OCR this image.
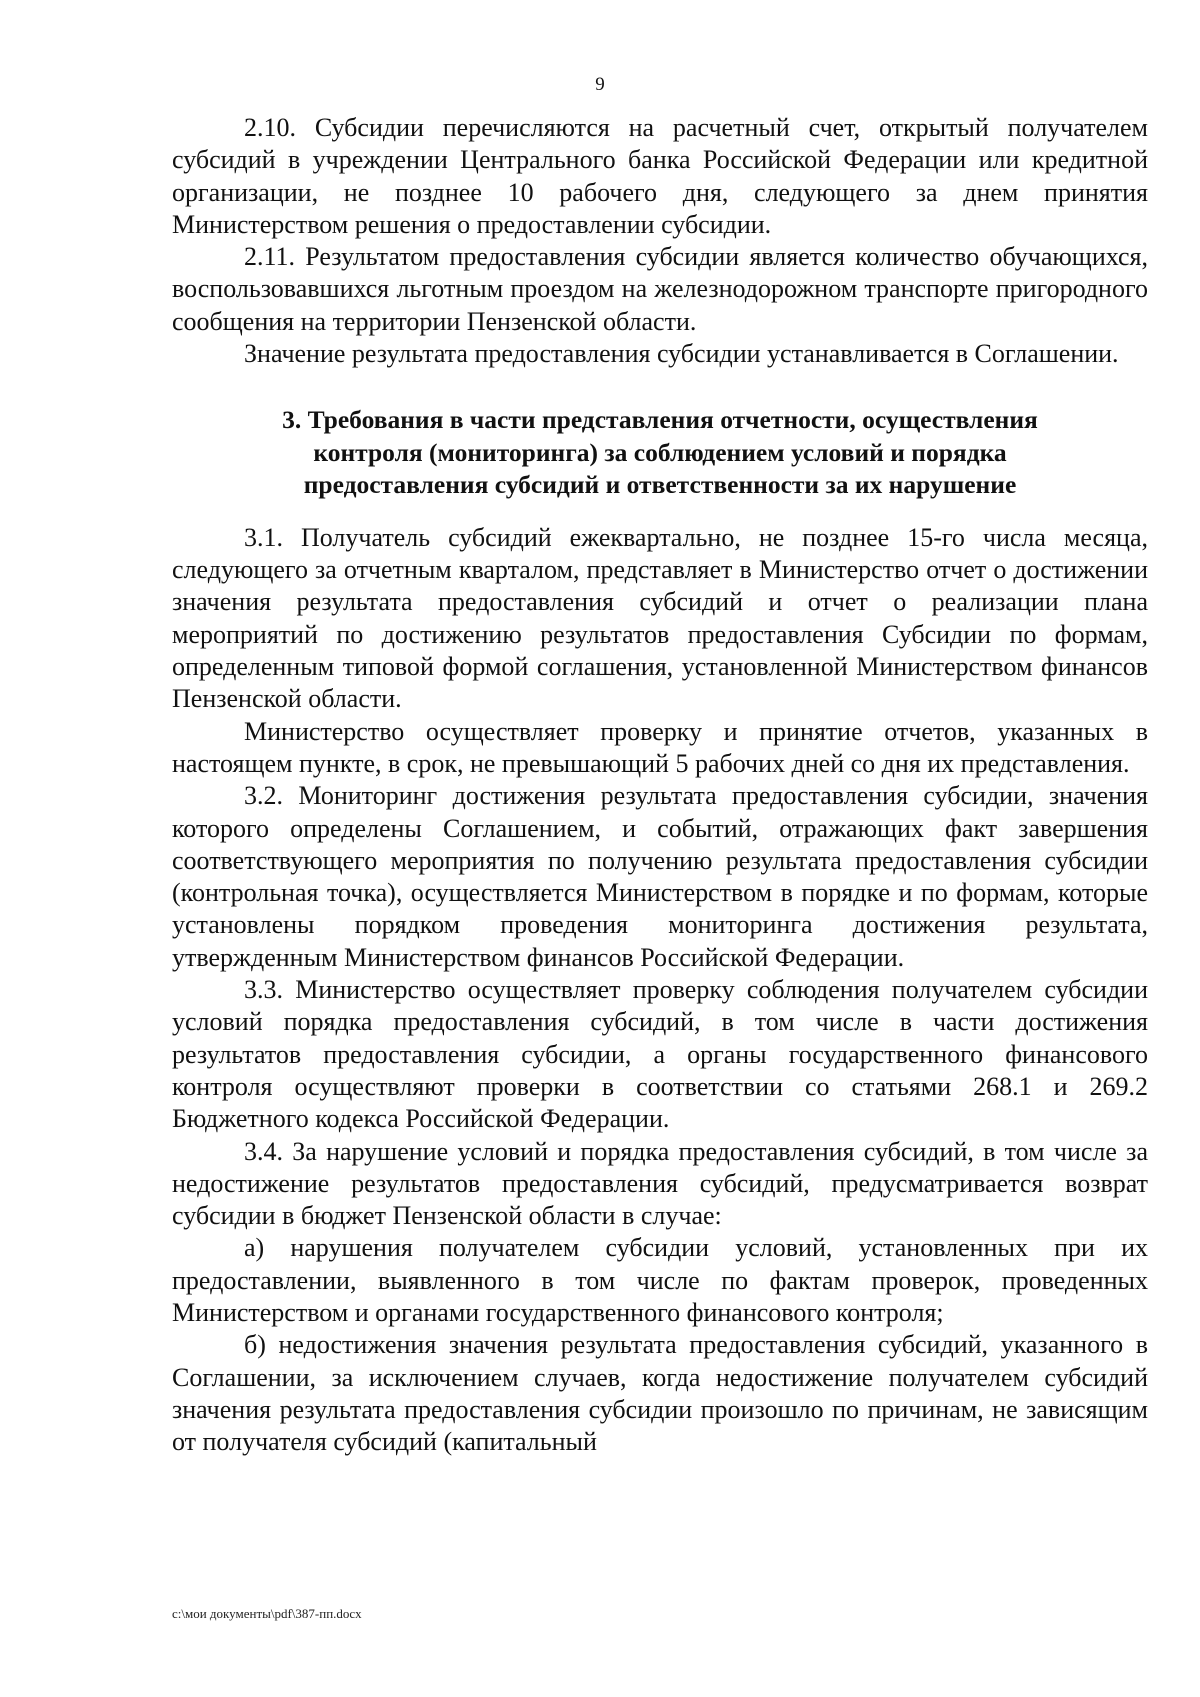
9

2.10. Субсидии перечисляются на расчетный счет, открытый получателем субсидий в учреждении Центрального банка Российской Федерации или кредитной организации, не позднее 10 рабочего дня, следующего за днем принятия Министерством решения о предоставлении субсидии.

2.11. Результатом предоставления субсидии является количество обучающихся, воспользовавшихся льготным проездом на железнодорожном транспорте пригородного сообщения на территории Пензенской области.

Значение результата предоставления субсидии устанавливается в Соглашении.

3. Требования в части представления отчетности, осуществления
контроля (мониторинга) за соблюдением условий и порядка
предоставления субсидий и ответственности за их нарушение

3.1. Получатель субсидий ежеквартально, не позднее 15-го числа месяца, следующего за отчетным кварталом, представляет в Министерство отчет о достижении значения результата предоставления субсидий и отчет о реализации плана мероприятий по достижению результатов предоставления Субсидии по формам, определенным типовой формой соглашения, установленной Министерством финансов Пензенской области.

Министерство осуществляет проверку и принятие отчетов, указанных в настоящем пункте, в срок, не превышающий 5 рабочих дней со дня их представления.

3.2. Мониторинг достижения результата предоставления субсидии, значения которого определены Соглашением, и событий, отражающих факт завершения соответствующего мероприятия по получению результата предоставления субсидии (контрольная точка), осуществляется Министерством в порядке и по формам, которые установлены порядком проведения мониторинга достижения результата, утвержденным Министерством финансов Российской Федерации.

3.3. Министерство осуществляет проверку соблюдения получателем субсидии условий порядка предоставления субсидий, в том числе в части достижения результатов предоставления субсидии, а органы государственного финансового контроля осуществляют проверки в соответствии со статьями 268.1 и 269.2 Бюджетного кодекса Российской Федерации.

3.4. За нарушение условий и порядка предоставления субсидий, в том числе за недостижение результатов предоставления субсидий, предусматривается возврат субсидии в бюджет Пензенской области в случае:

а) нарушения получателем субсидии условий, установленных при их предоставлении, выявленного в том числе по фактам проверок, проведенных Министерством и органами государственного финансового контроля;

б) недостижения значения результата предоставления субсидий, указанного в Соглашении, за исключением случаев, когда недостижение получателем субсидий значения результата предоставления субсидии произошло по причинам, не зависящим от получателя субсидий (капитальный

c:\мои документы\pdf\387-пп.docx
